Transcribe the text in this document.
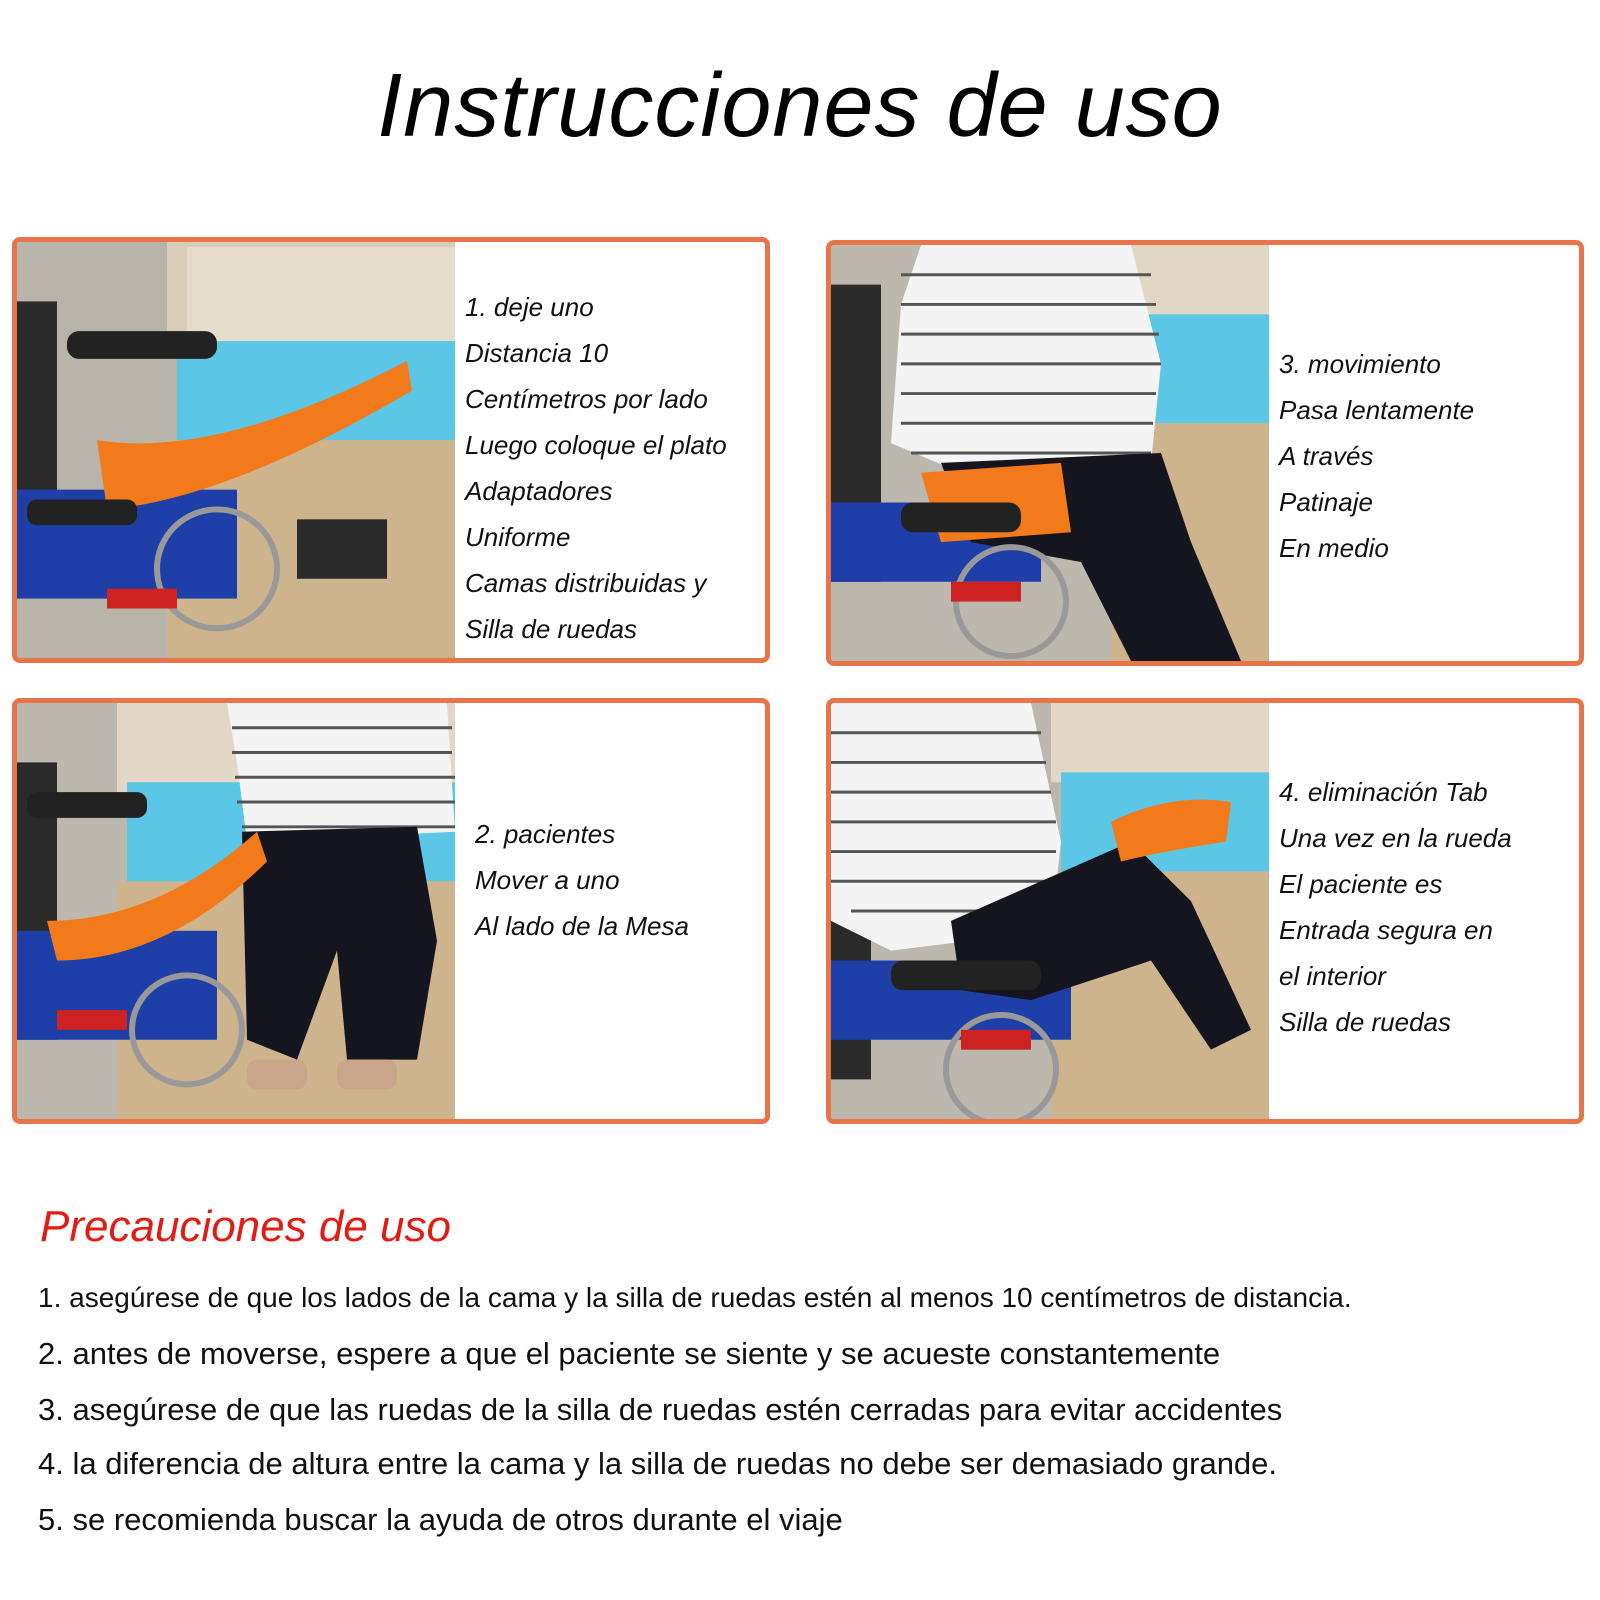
Instrucciones de uso
1. deje uno
Distancia 10
Centímetros por lado
Luego coloque el plato
Adaptadores
Uniforme
Camas distribuidas y
Silla de ruedas
3. movimiento
Pasa lentamente
A través
Patinaje
En medio
2. pacientes
Mover a uno
Al lado de la Mesa
4. eliminación Tab
Una vez en la rueda
El paciente es
Entrada segura en
el interior
Silla de ruedas
Precauciones de uso
1. asegúrese de que los lados de la cama y la silla de ruedas estén al menos 10 centímetros de distancia.
2. antes de moverse, espere a que el paciente se siente y se acueste constantemente
3. asegúrese de que las ruedas de la silla de ruedas estén cerradas para evitar accidentes
4. la diferencia de altura entre la cama y la silla de ruedas no debe ser demasiado grande.
5. se recomienda buscar la ayuda de otros durante el viaje
